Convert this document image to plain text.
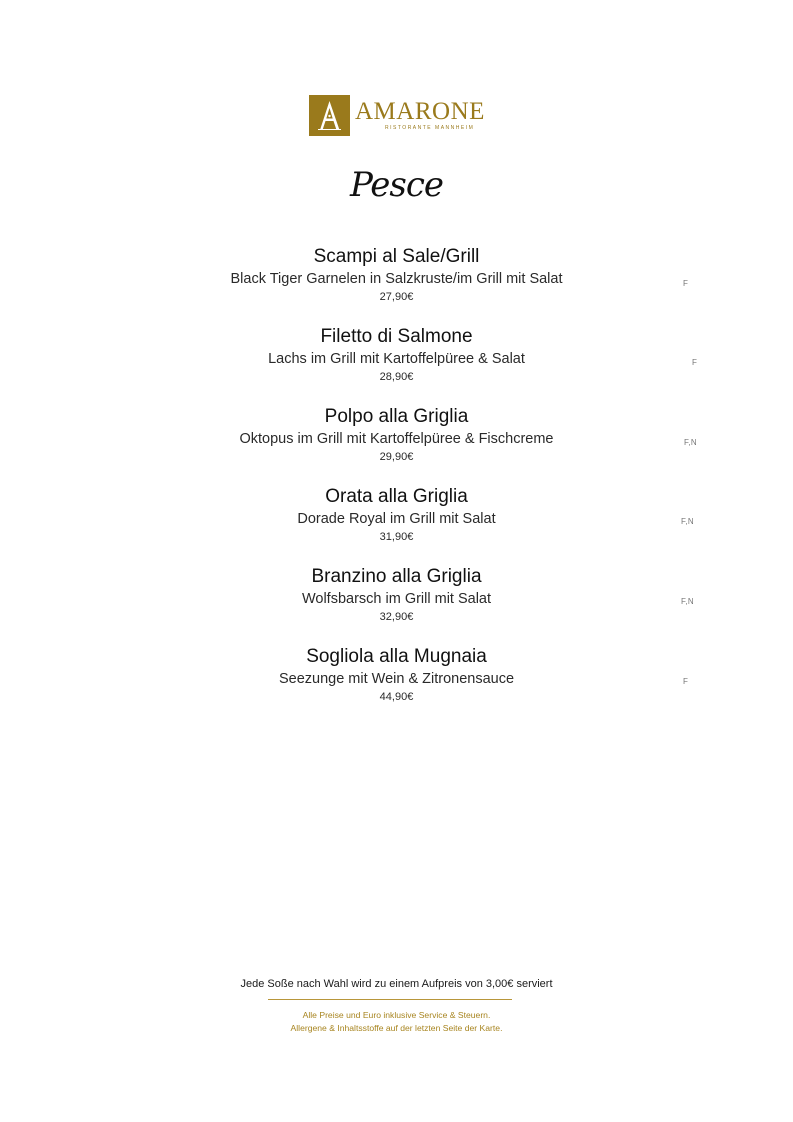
AMARONE
RISTORANTE MANNHEIM
Pesce
Scampi al Sale/Grill
Black Tiger Garnelen in Salzkruste/im Grill mit Salat
27,90€
F
Filetto di Salmone
Lachs im Grill mit Kartoffelpüree & Salat
28,90€
F
Polpo alla Griglia
Oktopus im Grill mit Kartoffelpüree & Fischcreme
29,90€
F,N
Orata alla Griglia
Dorade Royal im Grill mit Salat
31,90€
F,N
Branzino alla Griglia
Wolfsbarsch im Grill mit Salat
32,90€
F,N
Sogliola alla Mugnaia
Seezunge mit Wein & Zitronensauce
44,90€
F
Jede Soße nach Wahl wird zu einem Aufpreis von 3,00€ serviert
Alle Preise und Euro inklusive Service & Steuern.
Allergene & Inhaltsstoffe auf der letzten Seite der Karte.
